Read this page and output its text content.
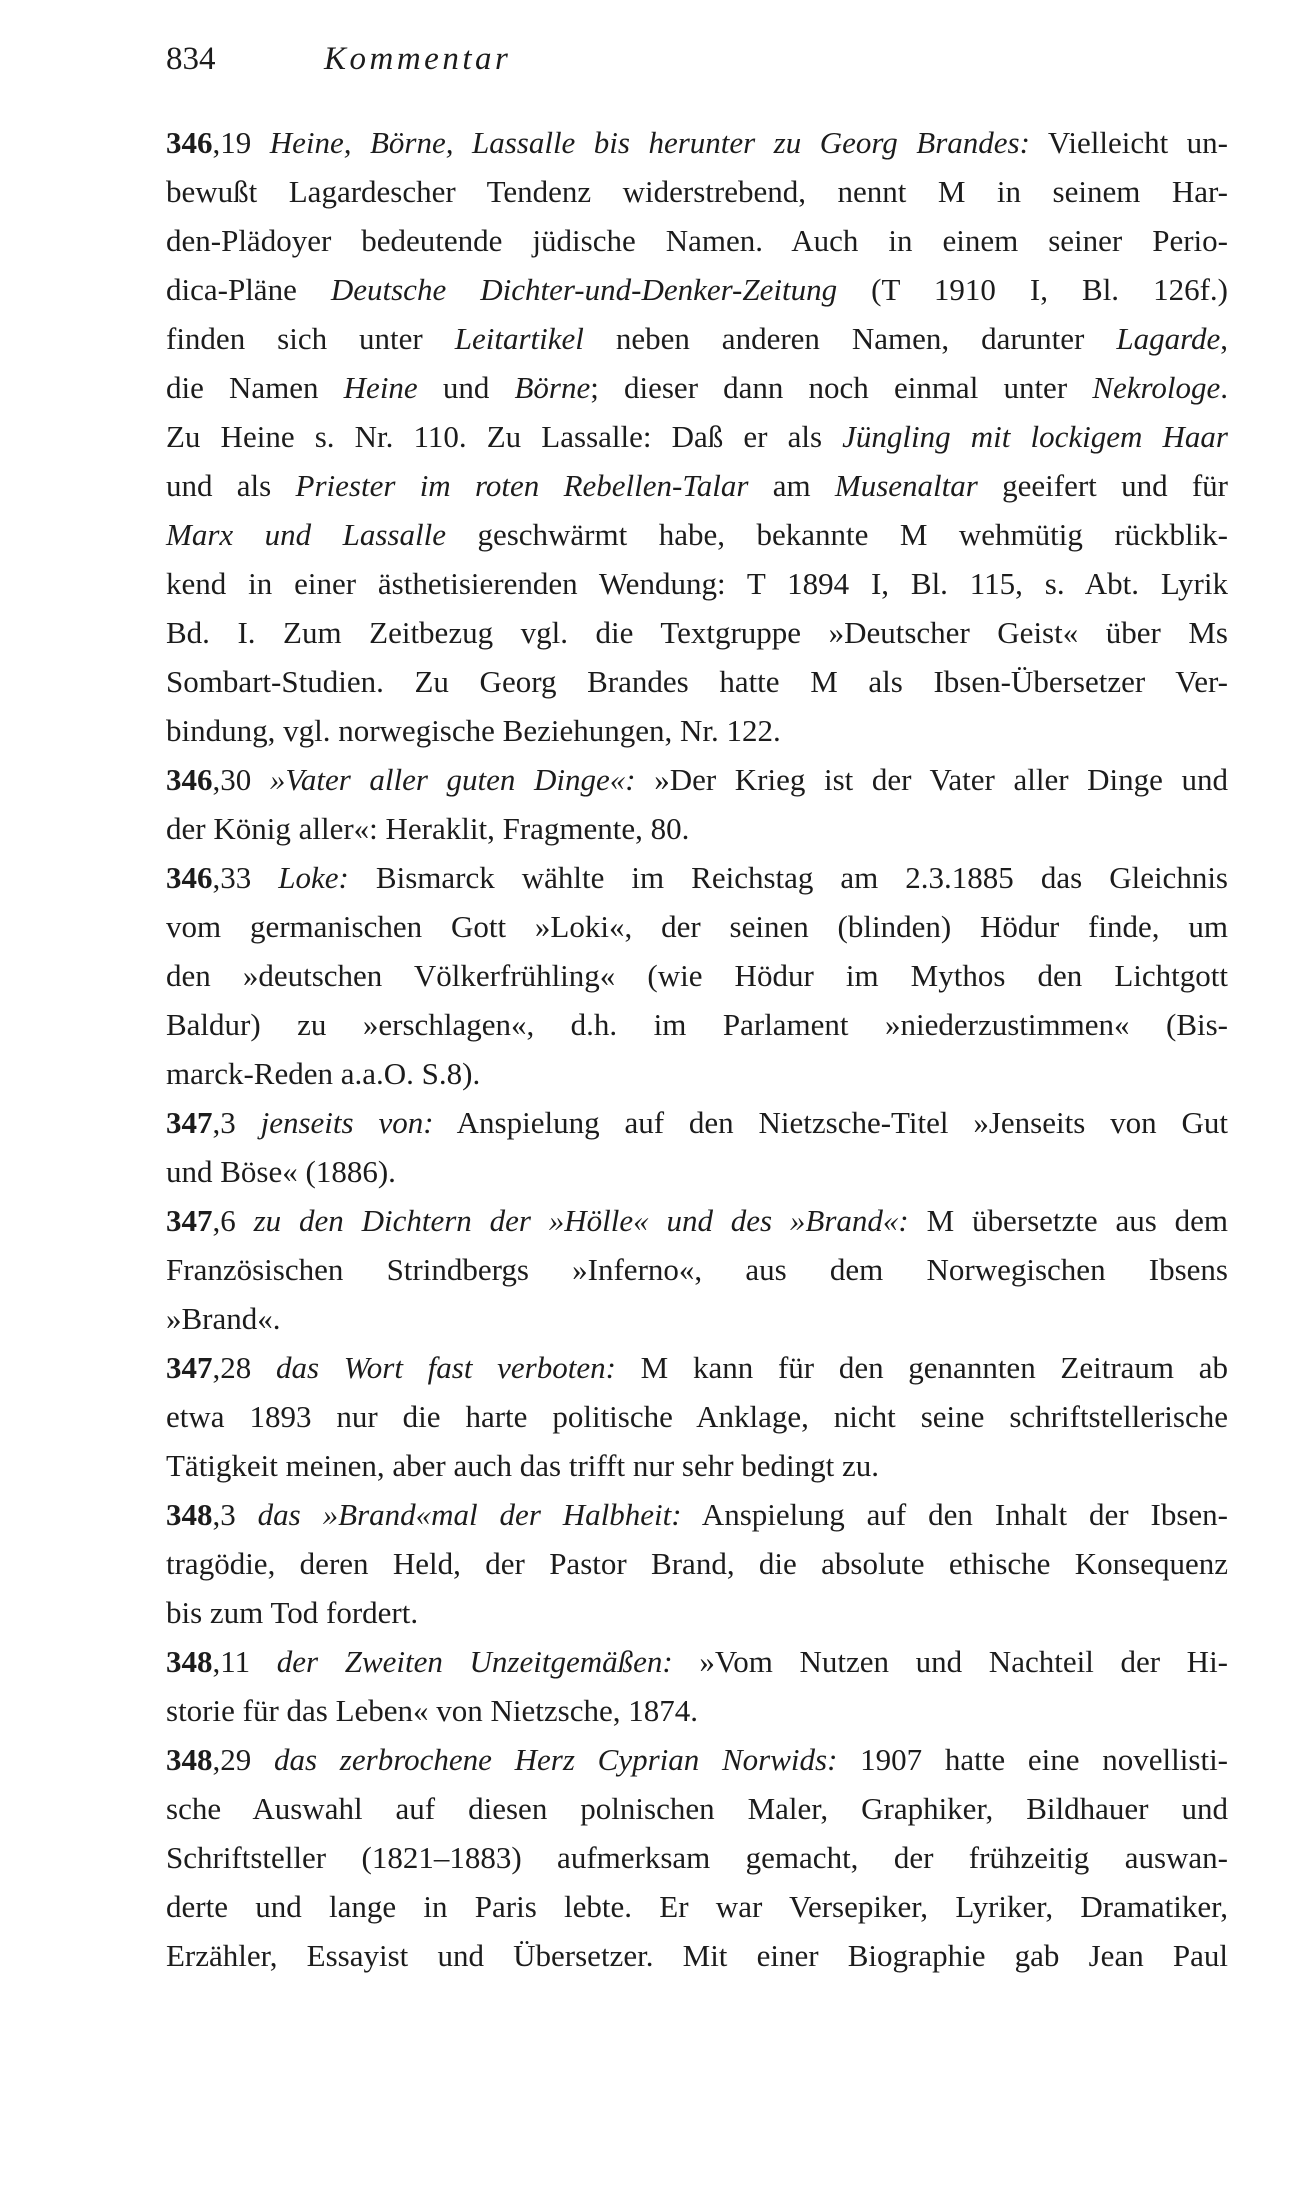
834	Kommentar
346,19 Heine, Börne, Lassalle bis herunter zu Georg Brandes: Vielleicht un-
bewußt Lagardescher Tendenz widerstrebend, nennt M in seinem Har-
den-Plädoyer bedeutende jüdische Namen. Auch in einem seiner Perio-
dica-Pläne Deutsche Dichter-und-Denker-Zeitung (T 1910 I, Bl. 126f.)
finden sich unter Leitartikel neben anderen Namen, darunter Lagarde,
die Namen Heine und Börne; dieser dann noch einmal unter Nekrologe.
Zu Heine s. Nr. 110. Zu Lassalle: Daß er als Jüngling mit lockigem Haar
und als Priester im roten Rebellen-Talar am Musenaltar geeifert und für
Marx und Lassalle geschwärmt habe, bekannte M wehmütig rückblik-
kend in einer ästhetisierenden Wendung: T 1894 I, Bl. 115, s. Abt. Lyrik
Bd. I. Zum Zeitbezug vgl. die Textgruppe »Deutscher Geist« über Ms
Sombart-Studien. Zu Georg Brandes hatte M als Ibsen-Übersetzer Ver-
bindung, vgl. norwegische Beziehungen, Nr. 122.
346,30 »Vater aller guten Dinge«: »Der Krieg ist der Vater aller Dinge und
der König aller«: Heraklit, Fragmente, 80.
346,33 Loke: Bismarck wählte im Reichstag am 2.3.1885 das Gleichnis
vom germanischen Gott »Loki«, der seinen (blinden) Hödur finde, um
den »deutschen Völkerfrühling« (wie Hödur im Mythos den Lichtgott
Baldur) zu »erschlagen«, d.h. im Parlament »niederzustimmen« (Bis-
marck-Reden a.a.O. S.8).
347,3 jenseits von: Anspielung auf den Nietzsche-Titel »Jenseits von Gut
und Böse« (1886).
347,6 zu den Dichtern der »Hölle« und des »Brand«: M übersetzte aus dem
Französischen Strindbergs »Inferno«, aus dem Norwegischen Ibsens
»Brand«.
347,28 das Wort fast verboten: M kann für den genannten Zeitraum ab
etwa 1893 nur die harte politische Anklage, nicht seine schriftstellerische
Tätigkeit meinen, aber auch das trifft nur sehr bedingt zu.
348,3 das »Brand«mal der Halbheit: Anspielung auf den Inhalt der Ibsen-
tragödie, deren Held, der Pastor Brand, die absolute ethische Konsequenz
bis zum Tod fordert.
348,11 der Zweiten Unzeitgemäßen: »Vom Nutzen und Nachteil der Hi-
storie für das Leben« von Nietzsche, 1874.
348,29 das zerbrochene Herz Cyprian Norwids: 1907 hatte eine novellisti-
sche Auswahl auf diesen polnischen Maler, Graphiker, Bildhauer und
Schriftsteller (1821–1883) aufmerksam gemacht, der frühzeitig auswan-
derte und lange in Paris lebte. Er war Versepiker, Lyriker, Dramatiker,
Erzähler, Essayist und Übersetzer. Mit einer Biographie gab Jean Paul
